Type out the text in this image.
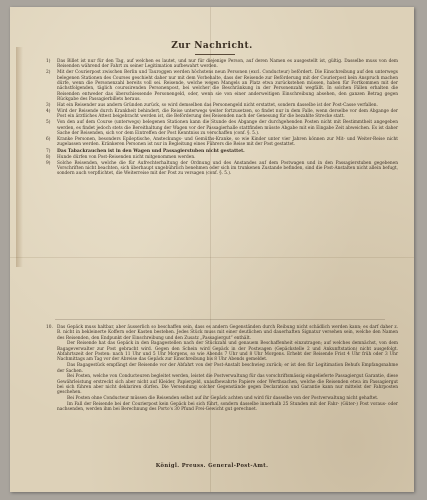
Zur Nachricht.
1)	Das Billet ist nur für den Tag, auf welchen es lautet, und nur für diejenige Person, auf deren Namen es ausgestellt ist, gültig. Dasselbe muss von dem Reisenden während der Fahrt zu seiner Legitimation aufbewahrt werden.
2)	Mit der Courierpost zwischen Berlin und Tauroggen werden höchstens neun Personen (excl. Conducteur) befördert. Die Einschreibung auf den unterwegs belegenen Stationen des Courses geschieht daher nur mit dem Vorbehalte, dass der Reisende zur Beförderung mit der Courierpost kein Anspruch machen dürfe, wenn die Personenzahl bereits voll sei. Reisende, welche wegen Mangels an Platz etwa zurückstehen müssen, haben für Fortkommen mit der nächstfolgenden, täglich courssirenden Personenpost, bei welcher die Beschränkung in der Personenzahl wegfällt. In solchen Fällen erhalten die Reisenden entweder das überschiessende Personengeld, oder, wenn sie von einer anderweitigen Einschreibung absehen, den ganzen Betrag gegen Rückgabe des Passagierbillets heraus.
3)	Hat ein Reisender aus andern Gründen zurück, so wird demselben das Personengeld nicht erstattet, sondern dasselbe ist der Post-Casse verfallen.
4)	Wird der Reisende durch Krankheit behindert, die Reise unterwegs weiter fortzusetzen, so findet nur in dem Falle, wenn derselbe vor dem Abgange der Post ein ärztliches Attest beigebracht werden ist, die Beförderung des Reisenden nach der Genesung für die bezahlte Strecke statt.
5)	Von den auf dem Course (unterwegs) belegenen Stationen kann die Stunde des Abgange der durchgehenden Posten nicht mit Bestimmtheit angegeben werden, es findet jedoch stets die Bereithaltung der Wagen vor der Passagierhalle stattfinden müsste Abgabe mit ein Eingabe Zeit abweichen. Es ist daher Sache der Reisenden, sich vor dem Eintreffen der Post Kenntniss zu verschaffen (conf. §. 5.).
6)	Kranke Personen, besonders Epileptische, Ansteckungs- und Gemüths-Kranke, so wie Kinder unter vier Jahren können zur Mit- und Weiter-Reise nicht zugelassen werden. Kränkeren Personen ist nur in Begleitung eines Führers die Reise mit der Post gestattet.
7)	Das Tabackrauchen ist in den Wagen und Passagierstuben nicht gestattet.
8)	Hunde dürfen von Post-Reisenden nicht mitgenommen werden.
9)	Solche Reisenden, welche die für Aufrechterhaltung der Ordnung und des Anstandes auf dem Postwagen und in den Passagierstuben gegebenen Vorschriften nicht beachten, sich überhaupt ungebührlich benehmen oder sich im trunkenen Zustande befinden, sind die Post-Anstalten nicht allein befugt, sondern auch verpflichtet, die Weiterreise mit der Post zu versagen (conf. §. 5.).
10. Das Gepäck muss haltbar, aber äusserlich so beschaffen sein, dass es andern Gegenständen durch Reibung nicht schädlich werden kann; es darf daher z. B. nicht in bekleinerte Koffern oder Kasten bestehen. Jedes Stück muss mit einer deutlichen und dauerhaften Signatur versehen sein, welche den Namen des Reisenden, den Endpunkt der Einschreibung und den Zusatz „Passagiergut“ enthält.
Der Reisende hat das Gepäck in den Bagagestellen nach der Stückzahl und genauem Beschaffenheit einzutragen; auf welches demnächst, von dem Bagageverwalter zur Post gebracht wird. Gegen den Schein wird Gepäck in der Postwagen (Gepäckstelle 2 und Ankunftstation) nicht ausgefolgt. Abfahrtszeit der Posten: nach 11 Uhr und 5 Uhr Morgens, so wie Abends 7 Uhr und 8 Uhr Morgens. Erhebt der Reisende Frist 4 Uhr früh oder 3 Uhr Nachmittags am Tag vor der Abreise das Gepäck zur Einschreibung bis 8 Uhr Abends gemeldet.
Das Bagagestück empfängt der Reisende vor der Abfahrt von der Post-Anstalt beschwieg zurück; er ist den für Legitimation Behufs Empfangsnahme der Sachen.
Bei Posten, welche von Conducteuren begleitet werden, leistet die Postverwaltung für das vorschriftsmässig eingelieferte Passagiergut Garantie, diese Gewährleistung erstreckt sich aber nicht auf Kleider, Papiergeld, unaufbewahrte Papiere oder Werthsachen, welche die Reisenden etwa im Passagiergut bei sich führen aber nicht deklariren dürfen. Die Versendung solcher Gegenstände gegen Declaration und Garantie kann nur mittelst der Fahrposten geschehen.
Bei Posten ohne Conducteur müssen die Reisenden selbst auf ihr Gepäck achten und wird für dasselbe von der Postverwaltung nicht gehaftet.
Im Fall der Reisende bei der Courierpost kein Gepäck bei sich führt, sondern dasselbe innerhalb 25 Stunden mit der Fahr- (Güter-) Post voraus- oder nachsenden, werden ihm bei Berechnung des Porto's 30 Pfund Frei-Gewicht gut gerechnet.
Königl. Preuss. General-Post-Amt.
